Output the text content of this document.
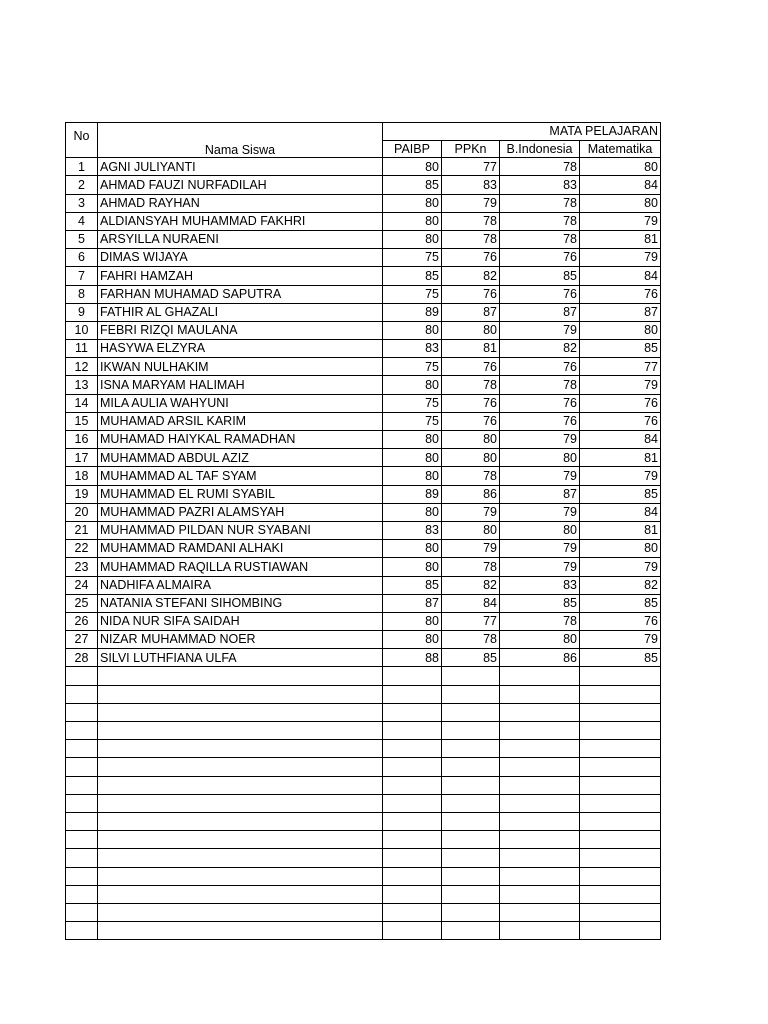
No	Nama Siswa	MATA PELAJARAN			
		PAIBP	PPKn	B.Indonesia	Matematika
1	AGNI JULIYANTI	80	77	78	80
2	AHMAD FAUZI NURFADILAH	85	83	83	84
3	AHMAD RAYHAN	80	79	78	80
4	ALDIANSYAH MUHAMMAD FAKHRI	80	78	78	79
5	ARSYILLA NURAENI	80	78	78	81
6	DIMAS WIJAYA	75	76	76	79
7	FAHRI HAMZAH	85	82	85	84
8	FARHAN MUHAMAD SAPUTRA	75	76	76	76
9	FATHIR AL GHAZALI	89	87	87	87
10	FEBRI RIZQI MAULANA	80	80	79	80
11	HASYWA ELZYRA	83	81	82	85
12	IKWAN NULHAKIM	75	76	76	77
13	ISNA MARYAM HALIMAH	80	78	78	79
14	MILA AULIA WAHYUNI	75	76	76	76
15	MUHAMAD ARSIL KARIM	75	76	76	76
16	MUHAMAD HAIYKAL RAMADHAN	80	80	79	84
17	MUHAMMAD ABDUL AZIZ	80	80	80	81
18	MUHAMMAD AL TAF SYAM	80	78	79	79
19	MUHAMMAD EL RUMI SYABIL	89	86	87	85
20	MUHAMMAD PAZRI ALAMSYAH	80	79	79	84
21	MUHAMMAD PILDAN NUR SYABANI	83	80	80	81
22	MUHAMMAD RAMDANI ALHAKI	80	79	79	80
23	MUHAMMAD RAQILLA RUSTIAWAN	80	78	79	79
24	NADHIFA ALMAIRA	85	82	83	82
25	NATANIA STEFANI SIHOMBING	87	84	85	85
26	NIDA NUR SIFA SAIDAH	80	77	78	76
27	NIZAR MUHAMMAD NOER	80	78	80	79
28	SILVI LUTHFIANA ULFA	88	85	86	85
